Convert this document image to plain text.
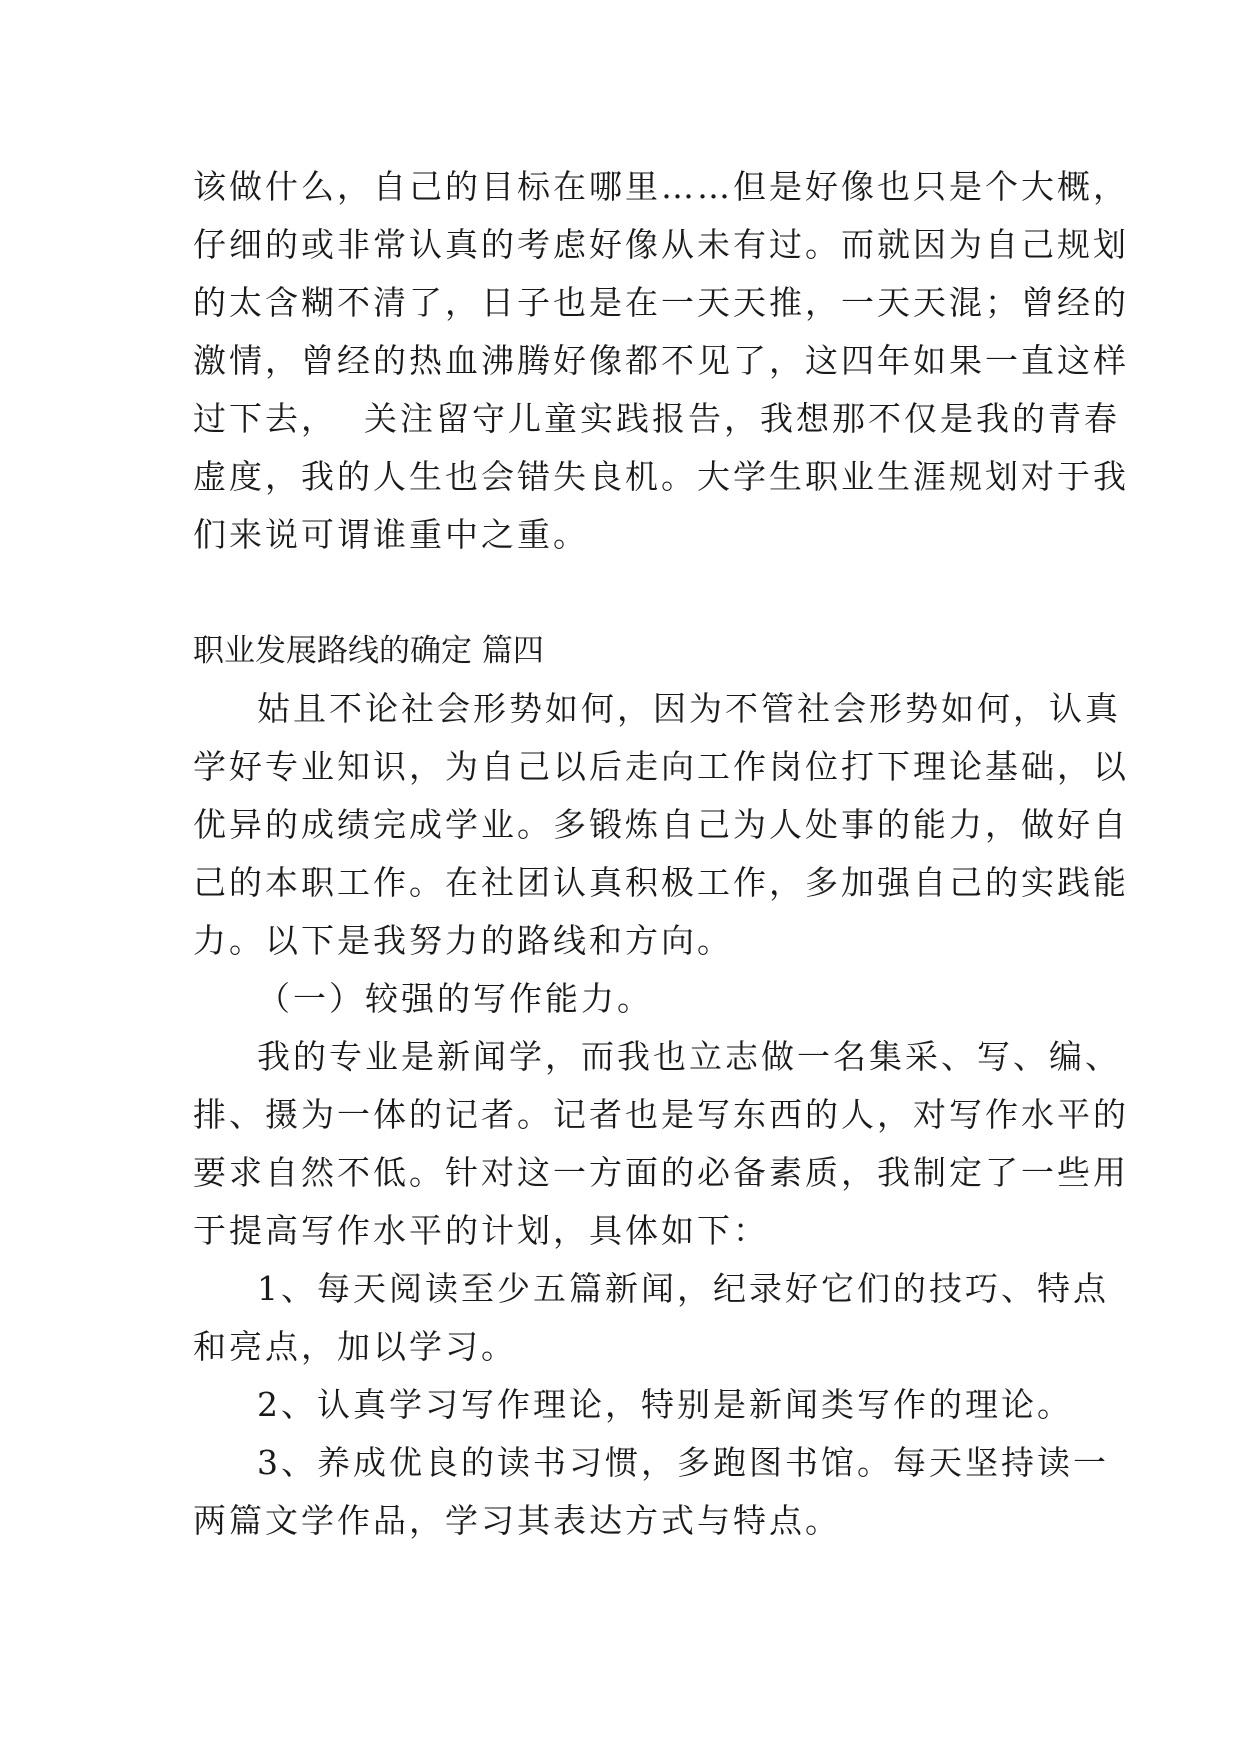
该做什么，自己的目标在哪里……但是好像也只是个大概，
仔细的或非常认真的考虑好像从未有过。而就因为自己规划
的太含糊不清了，日子也是在一天天推，一天天混；曾经的
激情，曾经的热血沸腾好像都不见了，这四年如果一直这样
过下去，  关注留守儿童实践报告，我想那不仅是我的青春
虚度，我的人生也会错失良机。大学生职业生涯规划对于我
们来说可谓谁重中之重。
职业发展路线的确定 篇四
姑且不论社会形势如何，因为不管社会形势如何，认真
学好专业知识，为自己以后走向工作岗位打下理论基础，以
优异的成绩完成学业。多锻炼自己为人处事的能力，做好自
己的本职工作。在社团认真积极工作，多加强自己的实践能
力。以下是我努力的路线和方向。
（一）较强的写作能力。
我的专业是新闻学，而我也立志做一名集采、写、编、
排、摄为一体的记者。记者也是写东西的人，对写作水平的
要求自然不低。针对这一方面的必备素质，我制定了一些用
于提高写作水平的计划，具体如下：
1、每天阅读至少五篇新闻，纪录好它们的技巧、特点
和亮点，加以学习。
2、认真学习写作理论，特别是新闻类写作的理论。
3、养成优良的读书习惯，多跑图书馆。每天坚持读一
两篇文学作品，学习其表达方式与特点。
